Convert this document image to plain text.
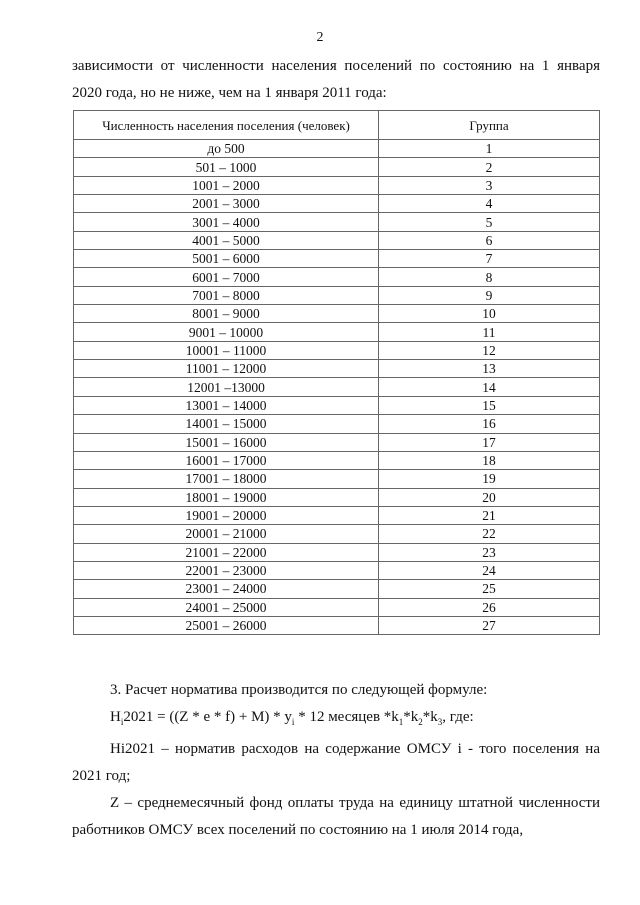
2
зависимости от численности населения поселений по состоянию на 1 января
2020 года, но не ниже, чем на 1 января 2011 года:
Численность населения поселения (человек)	Группа
до 500	1
501 – 1000	2
1001 – 2000	3
2001 – 3000	4
3001 – 4000	5
4001 – 5000	6
5001 – 6000	7
6001 – 7000	8
7001 – 8000	9
8001 – 9000	10
9001 – 10000	11
10001 – 11000	12
11001 – 12000	13
12001 –13000	14
13001 – 14000	15
14001 – 15000	16
15001 – 16000	17
16001 – 17000	18
17001 – 18000	19
18001 – 19000	20
19001 – 20000	21
20001 – 21000	22
21001 – 22000	23
22001 – 23000	24
23001 – 24000	25
24001 – 25000	26
25001 – 26000	27

3. Расчет норматива производится по следующей формуле:

$Н_i2021 = ((Z * e * f) + M) * y_i * 12$ месяцев $*k_1*k_2*k_3$, где:

Hi2021 – норматив расходов на содержание ОМСУ i - того поселения на 2021 год;

Z – среднемесячный фонд оплаты труда на единицу штатной численности работников ОМСУ всех поселений по состоянию на 1 июля 2014 года,
